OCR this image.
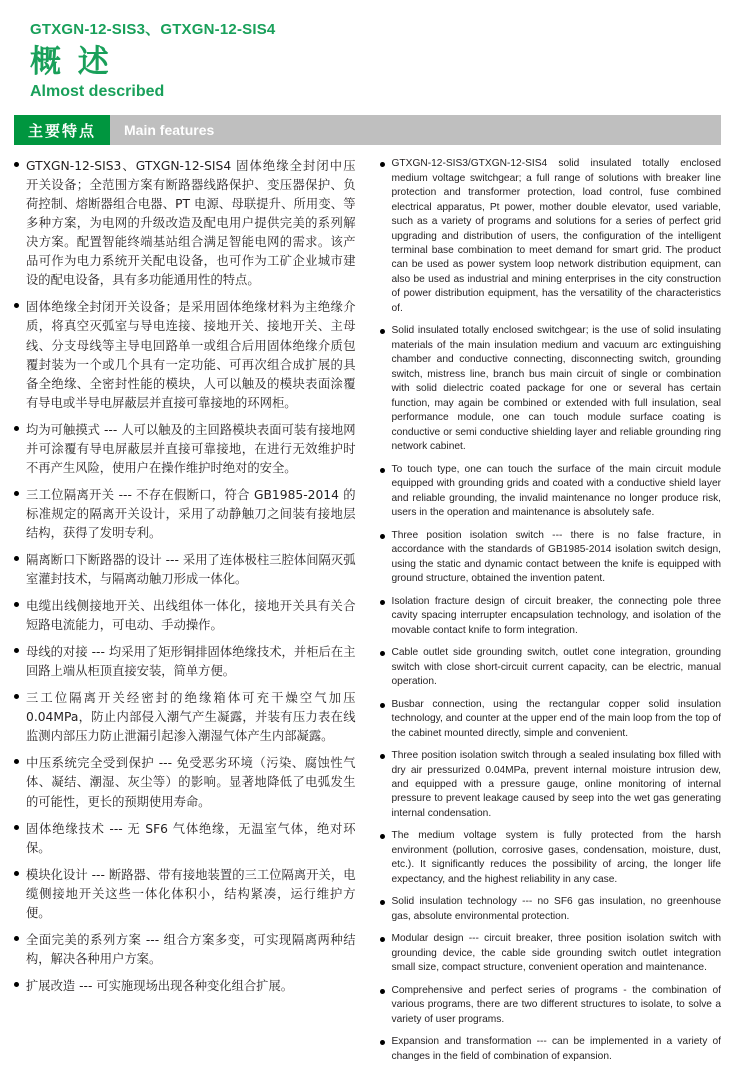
GTXGN-12-SIS3、GTXGN-12-SIS4
概 述
Almost described
主要特点	Main features
GTXGN-12-SIS3、GTXGN-12-SIS4 固体绝缘全封闭中压开关设备；全范围方案有断路器线路保护、变压器保护、负荷控制、熔断器组合电器、PT 电源、母联提升、所用变、等多种方案，为电网的升级改造及配电用户提供完美的系列解决方案。配置智能终端基站组合满足智能电网的需求。该产品可作为电力系统开关配电设备，也可作为工矿企业城市建设的配电设备，具有多功能通用性的特点。
固体绝缘全封闭开关设备；是采用固体绝缘材料为主绝缘介质，将真空灭弧室与导电连接、接地开关、接地开关、主母线、分支母线等主导电回路单一或组合后用固体绝缘介质包覆封装为一个或几个具有一定功能、可再次组合成扩展的具备全绝缘、全密封性能的模块，人可以触及的模块表面涂覆有导电或半导电屏蔽层并直接可靠接地的环网柜。
均为可触摸式 --- 人可以触及的主回路模块表面可装有接地网并可涂覆有导电屏蔽层并直接可靠接地，在进行无效维护时不再产生风险，使用户在操作维护时绝对的安全。
三工位隔离开关 --- 不存在假断口，符合 GB1985-2014 的标准规定的隔离开关设计，采用了动静触刀之间装有接地层结构，获得了发明专利。
隔离断口下断路器的设计 --- 采用了连体极柱三腔体间隔灭弧室灌封技术，与隔离动触刀形成一体化。
电缆出线侧接地开关、出线组体一体化，接地开关具有关合短路电流能力，可电动、手动操作。
母线的对接 --- 均采用了矩形铜排固体绝缘技术，并柜后在主回路上端从柜顶直接安装，简单方便。
三工位隔离开关经密封的绝缘箱体可充干燥空气加压 0.04MPa，防止内部侵入潮气产生凝露，并装有压力表在线监测内部压力防止泄漏引起渗入潮湿气体产生内部凝露。
中压系统完全受到保护 --- 免受恶劣环境（污染、腐蚀性气体、凝结、潮湿、灰尘等）的影响。显著地降低了电弧发生的可能性，更长的预期使用寿命。
固体绝缘技术 --- 无 SF6 气体绝缘，无温室气体，绝对环保。
模块化设计 --- 断路器、带有接地装置的三工位隔离开关，电缆侧接地开关这些一体化体积小，结构紧凑，运行维护方便。
全面完美的系列方案 --- 组合方案多变，可实现隔离两种结构，解决各种用户方案。
扩展改造 --- 可实施现场出现各种变化组合扩展。
GTXGN-12-SIS3/GTXGN-12-SIS4 solid insulated totally enclosed medium voltage switchgear; a full range of solutions with breaker line protection and transformer protection, load control, fuse combined electrical apparatus, Pt power, mother double elevator, used variable, such as a variety of programs and solutions for a series of perfect grid upgrading and distribution of users, the configuration of the intelligent terminal base combination to meet demand for smart grid. The product can be used as power system loop network distribution equipment, can also be used as industrial and mining enterprises in the city construction of power distribution equipment, has the versatility of the characteristics of.
Solid insulated totally enclosed switchgear; is the use of solid insulating materials of the main insulation medium and vacuum arc extinguishing chamber and conductive connecting, disconnecting switch, grounding switch, mistress line, branch bus main circuit of single or combination with solid dielectric coated package for one or several has certain function, may again be combined or extended with full insulation, seal performance module, one can touch module surface coating is conductive or semi conductive shielding layer and reliable grounding ring network cabinet.
To touch type, one can touch the surface of the main circuit module equipped with grounding grids and coated with a conductive shield layer and reliable grounding, the invalid maintenance no longer produce risk, users in the operation and maintenance is absolutely safe.
Three position isolation switch --- there is no false fracture, in accordance with the standards of GB1985-2014 isolation switch design, using the static and dynamic contact between the knife is equipped with ground structure, obtained the invention patent.
Isolation fracture design of circuit breaker, the connecting pole three cavity spacing interrupter encapsulation technology, and isolation of the movable contact knife to form integration.
Cable outlet side grounding switch, outlet cone integration, grounding switch with close short-circuit current capacity, can be electric, manual operation.
Busbar connection, using the rectangular copper solid insulation technology, and counter at the upper end of the main loop from the top of the cabinet mounted directly, simple and convenient.
Three position isolation switch through a sealed insulating box filled with dry air pressurized 0.04MPa, prevent internal moisture intrusion dew, and equipped with a pressure gauge, online monitoring of internal pressure to prevent leakage caused by seep into the wet gas generating internal condensation.
The medium voltage system is fully protected from the harsh environment (pollution, corrosive gases, condensation, moisture, dust, etc.). It significantly reduces the possibility of arcing, the longer life expectancy, and the highest reliability in any case.
Solid insulation technology --- no SF6 gas insulation, no greenhouse gas, absolute environmental protection.
Modular design --- circuit breaker, three position isolation switch with grounding device, the cable side grounding switch outlet integration small size, compact structure, convenient operation and maintenance.
Comprehensive and perfect series of programs - the combination of various programs, there are two different structures to isolate, to solve a variety of user programs.
Expansion and transformation --- can be implemented in a variety of changes in the field of combination of expansion.
